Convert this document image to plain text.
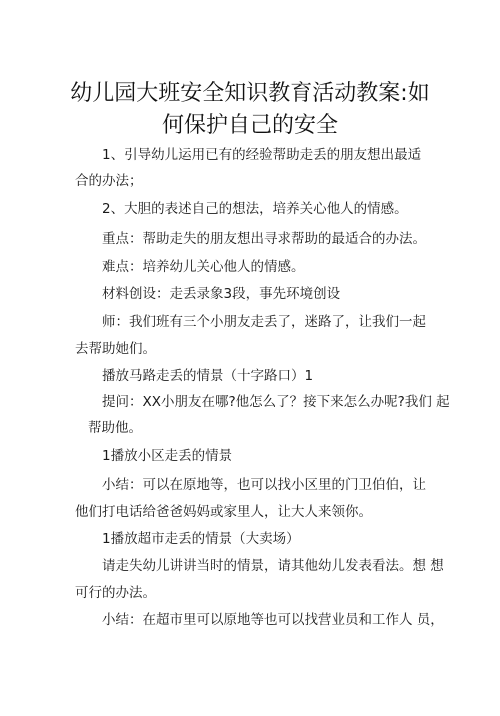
幼儿园大班安全知识教育活动教案:如
何保护自己的安全
1、引导幼儿运用已有的经验帮助走丢的朋友想出最适
合的办法；
2、大胆的表述自己的想法，培养关心他人的情感。
重点：帮助走失的朋友想出寻求帮助的最适合的办法。
难点：培养幼儿关心他人的情感。
材料创设：走丢录象3段，事先环境创设
师：我们班有三个小朋友走丢了，迷路了，让我们一起
去帮助她们。
播放马路走丢的情景（十字路口）1
提问：XX小朋友在哪?他怎么了？接下来怎么办呢?我们 起
帮助他。
1播放小区走丢的情景
小结：可以在原地等，也可以找小区里的门卫伯伯，让
他们打电话给爸爸妈妈或家里人，让大人来领你。
1播放超市走丢的情景（大卖场）
请走失幼儿讲讲当时的情景，请其他幼儿发表看法。想 想
可行的办法。
小结：在超市里可以原地等也可以找营业员和工作人 员，
